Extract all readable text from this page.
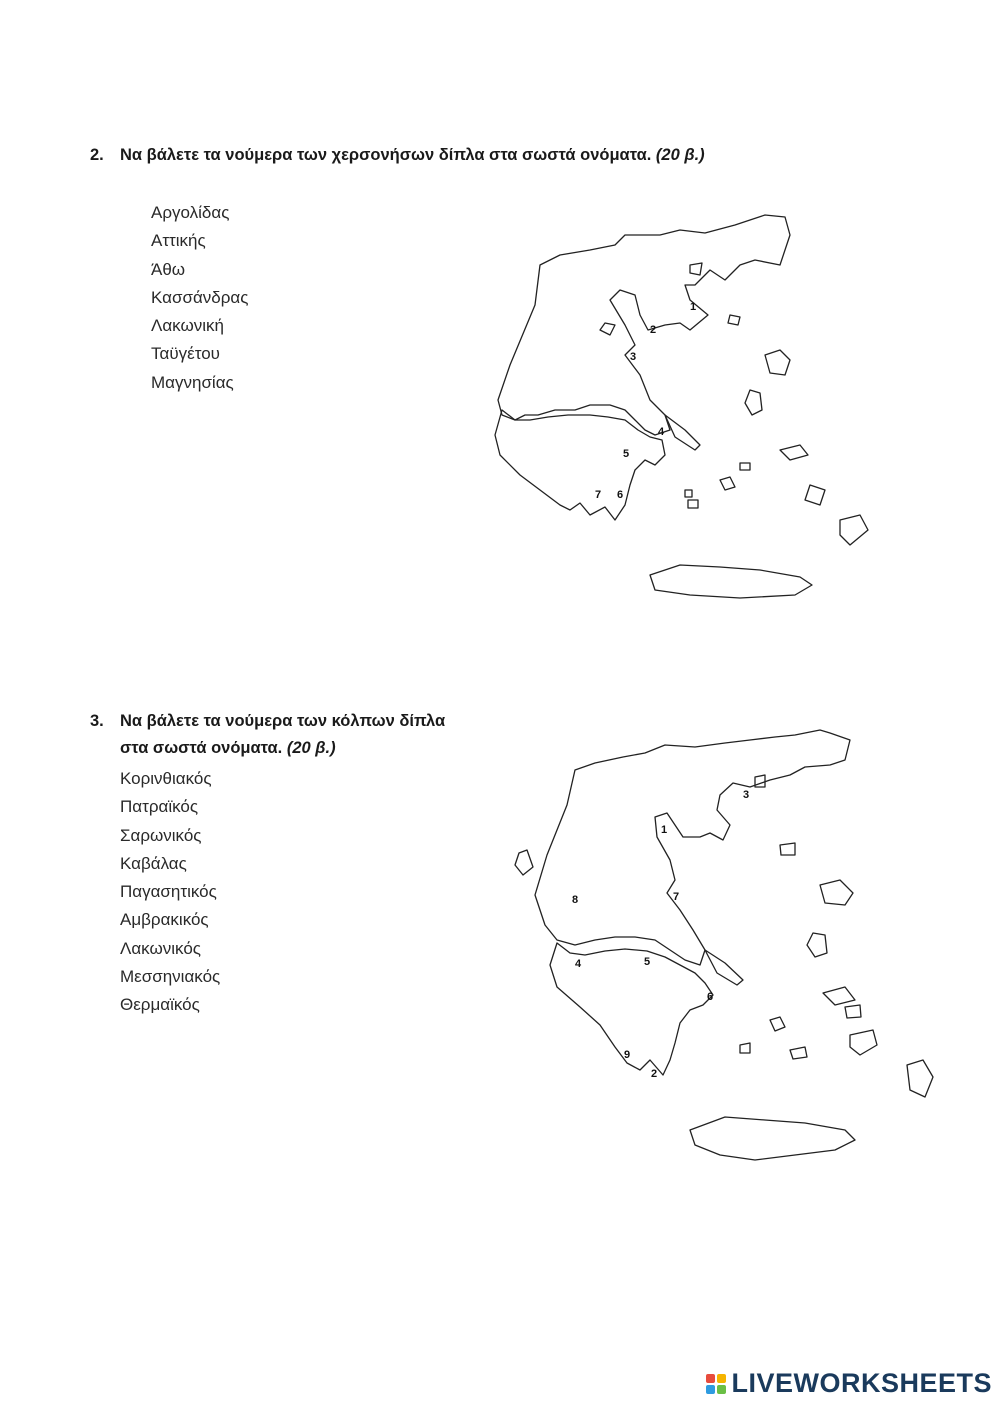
2. Να βάλετε τα νούμερα των χερσονήσων δίπλα στα σωστά ονόματα. (20 β.)
Αργολίδας
Αττικής
Άθω
Κασσάνδρας
Λακωνική
Ταϋγέτου
Μαγνησίας
1
2
3
4
5
6
7
3. Να βάλετε τα νούμερα των κόλπων δίπλα
στα σωστά ονόματα. (20 β.)
Κορινθιακός
Πατραϊκός
Σαρωνικός
Καβάλας
Παγασητικός
Αμβρακικός
Λακωνικός
Μεσσηνιακός
Θερμαϊκός
1
2
3
4	5
6
7
8
9
LIVEWORKSHEETS
